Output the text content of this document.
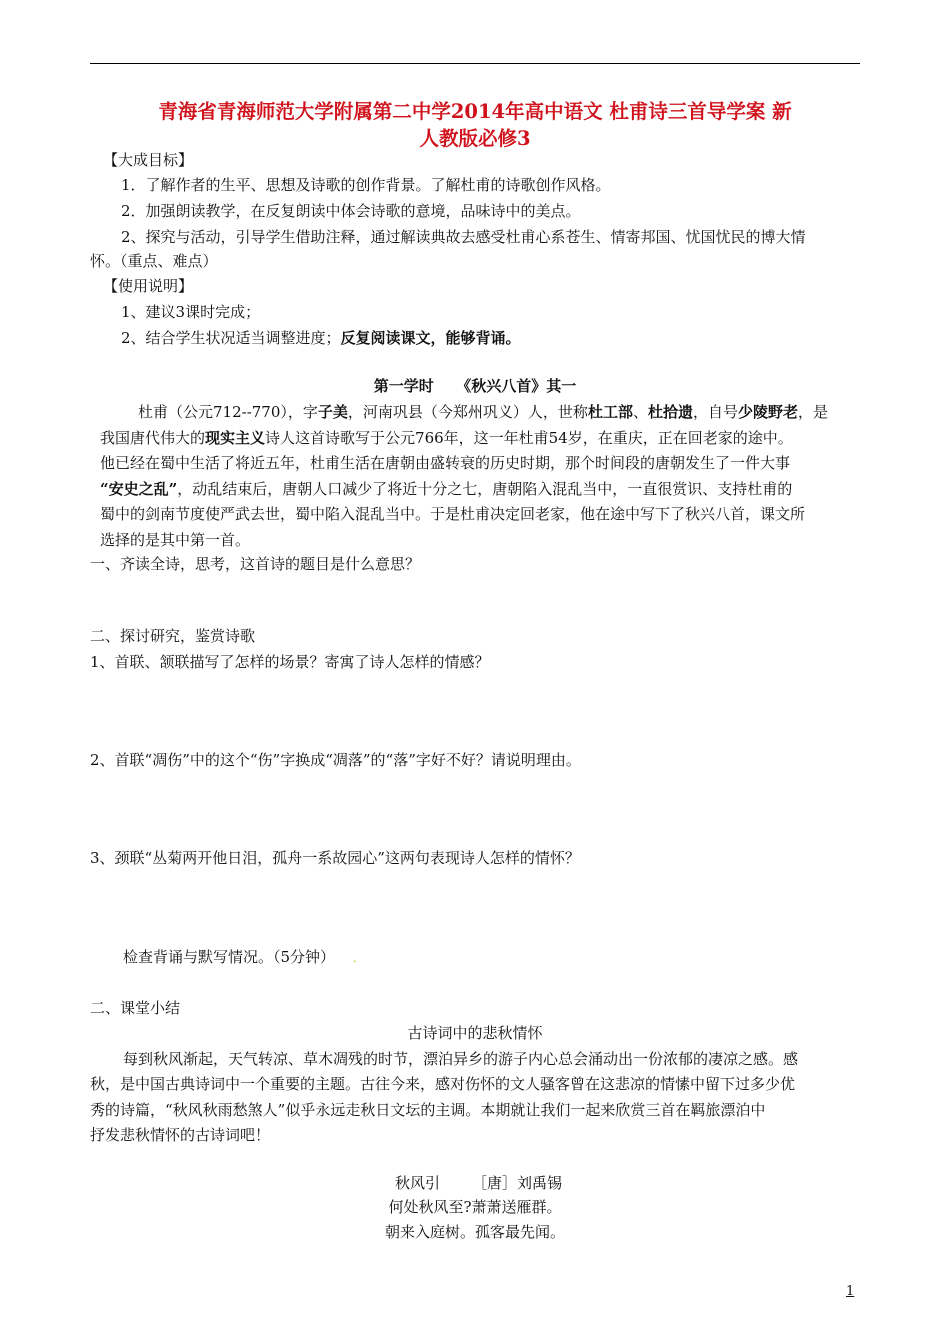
青海省青海师范大学附属第二中学2014年高中语文 杜甫诗三首导学案 新
人教版必修3
【大成目标】
1．了解作者的生平、思想及诗歌的创作背景。了解杜甫的诗歌创作风格。
2．加强朗读教学，在反复朗读中体会诗歌的意境，品味诗中的美点。
2、探究与活动，引导学生借助注释，通过解读典故去感受杜甫心系苍生、情寄邦国、忧国忧民的博大情
怀。（重点、难点）
【使用说明】
1、建议3课时完成；
2、结合学生状况适当调整进度；反复阅读课文，能够背诵。
第一学时　　《秋兴八首》其一
杜甫（公元712--770），字子美，河南巩县（今郑州巩义）人，世称杜工部、杜拾遗，自号少陵野老，是
我国唐代伟大的现实主义诗人这首诗歌写于公元766年，这一年杜甫54岁，在重庆，正在回老家的途中。
他已经在蜀中生活了将近五年，杜甫生活在唐朝由盛转衰的历史时期，那个时间段的唐朝发生了一件大事
“安史之乱”，动乱结束后，唐朝人口减少了将近十分之七，唐朝陷入混乱当中，一直很赏识、支持杜甫的
蜀中的剑南节度使严武去世，蜀中陷入混乱当中。于是杜甫决定回老家，他在途中写下了秋兴八首，课文所
选择的是其中第一首。
一、齐读全诗，思考，这首诗的题目是什么意思？
二、探讨研究，鉴赏诗歌
1、首联、颔联描写了怎样的场景？寄寓了诗人怎样的情感？
2、首联“凋伤”中的这个“伤”字换成“凋落”的“落”字好不好？请说明理由。
3、颈联“丛菊两开他日泪，孤舟一系故园心”这两句表现诗人怎样的情怀？
检查背诵与默写情况。（5分钟） .
二、课堂小结
古诗词中的悲秋情怀
每到秋风渐起，天气转凉、草木凋残的时节，漂泊异乡的游子内心总会涌动出一份浓郁的凄凉之感。感
秋，是中国古典诗词中一个重要的主题。古往今来，感对伤怀的文人骚客曾在这悲凉的情愫中留下过多少优
秀的诗篇，“秋风秋雨愁煞人”似乎永远走秋日文坛的主调。本期就让我们一起来欣赏三首在羁旅漂泊中
抒发悲秋情怀的古诗词吧！
秋风引 ［唐］刘禹锡
何处秋风至?萧萧送雁群。
朝来入庭树。孤客最先闻。
1
